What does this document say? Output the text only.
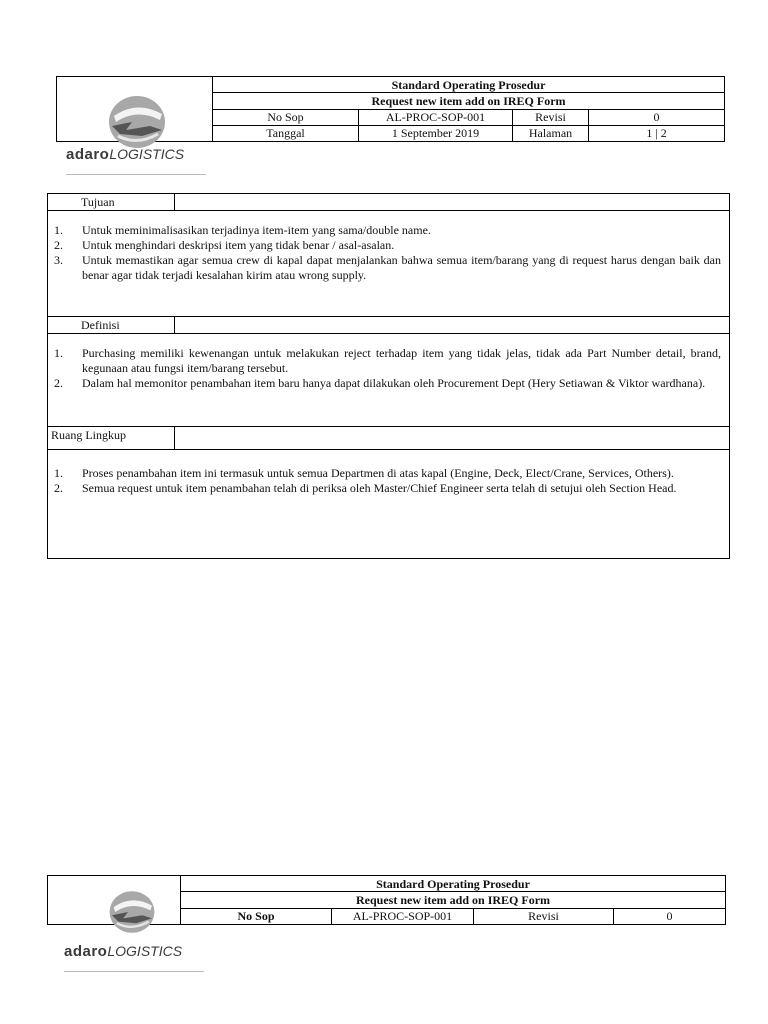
	Standard Operating Prosedur			
	Request new item add on IREQ Form			
	No Sop	AL-PROC-SOP-001	Revisi	0
	Tanggal	1 September 2019	Halaman	1 | 2
adaroLOGISTICS
Tujuan
1. Untuk meminimalisasikan terjadinya item-item yang sama/double name.
2. Untuk menghindari deskripsi item yang tidak benar / asal-asalan.
3. Untuk memastikan agar semua crew di kapal dapat menjalankan bahwa semua item/barang yang di request harus dengan baik dan benar agar tidak terjadi kesalahan kirim atau wrong supply.
Definisi
1. Purchasing memiliki kewenangan untuk melakukan reject terhadap item yang tidak jelas, tidak ada Part Number detail, brand, kegunaan atau fungsi item/barang tersebut.
2. Dalam hal memonitor penambahan item baru hanya dapat dilakukan oleh Procurement Dept (Hery Setiawan & Viktor wardhana).
Ruang Lingkup
1. Proses penambahan item ini termasuk untuk semua Departmen di atas kapal (Engine, Deck, Elect/Crane, Services, Others).
2. Semua request untuk item penambahan telah di periksa oleh Master/Chief Engineer serta telah di setujui oleh Section Head.
	Standard Operating Prosedur			
	Request new item add on IREQ Form			
	No Sop	AL-PROC-SOP-001	Revisi	0
adaroLOGISTICS
